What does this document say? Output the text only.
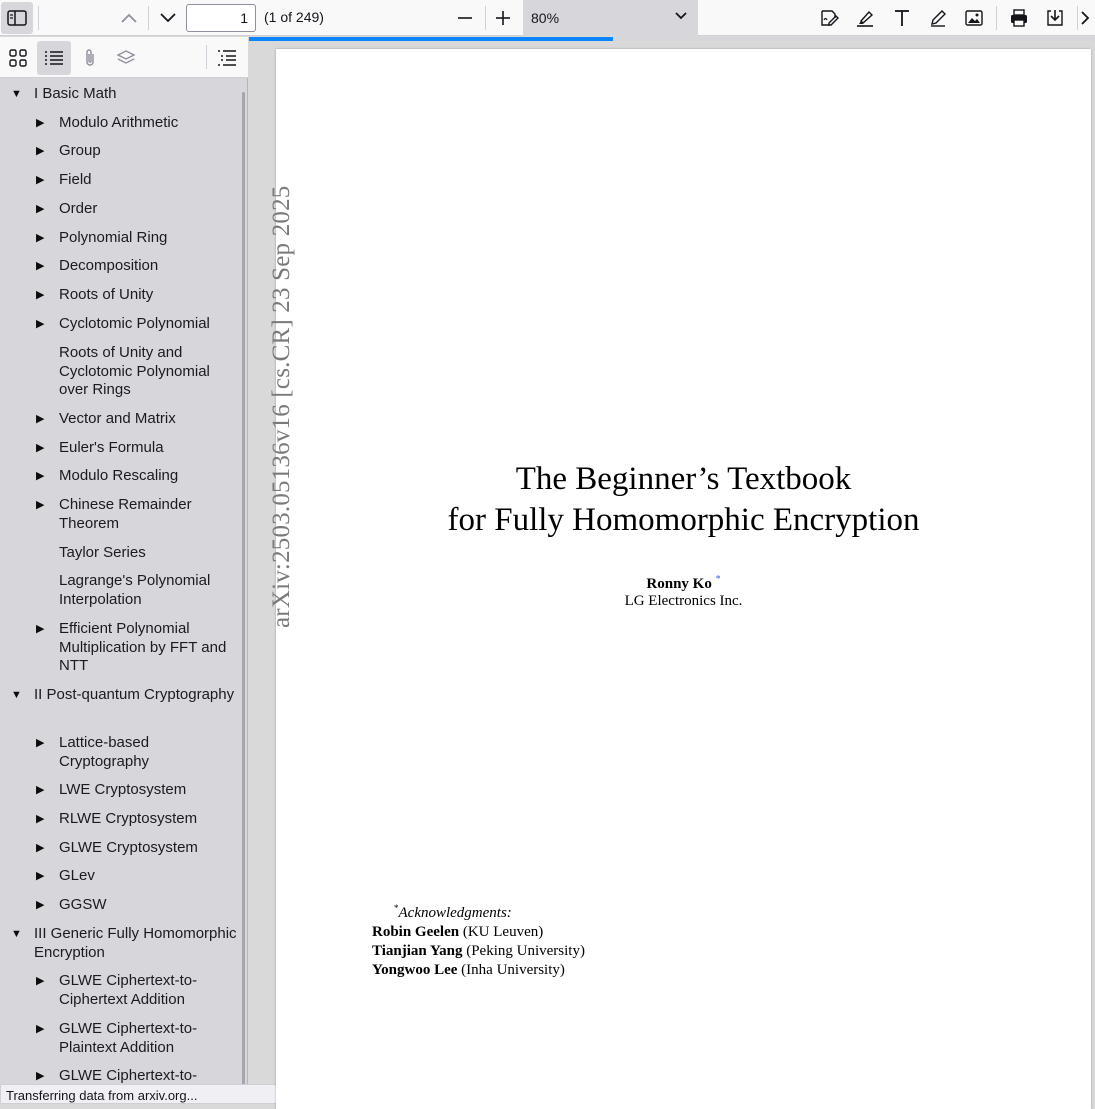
1	(1 of 249)	80%
▼ I Basic Math
▶ Modulo Arithmetic
▶ Group
▶ Field
▶ Order
▶ Polynomial Ring
▶ Decomposition
▶ Roots of Unity
▶ Cyclotomic Polynomial
Roots of Unity and Cyclotomic Polynomial over Rings
▶ Vector and Matrix
▶ Euler's Formula
▶ Modulo Rescaling
▶ Chinese Remainder Theorem
Taylor Series
Lagrange's Polynomial Interpolation
▶ Efficient Polynomial Multiplication by FFT and NTT
▼ II Post-quantum Cryptography
▶ Lattice-based Cryptography
▶ LWE Cryptosystem
▶ RLWE Cryptosystem
▶ GLWE Cryptosystem
▶ GLev
▶ GGSW
▼ III Generic Fully Homomorphic Encryption
▶ GLWE Ciphertext-to-Ciphertext Addition
▶ GLWE Ciphertext-to-Plaintext Addition
▶ GLWE Ciphertext-to-
Transferring data from arxiv.org...
arXiv:2503.05136v16 [cs.CR] 23 Sep 2025	The Beginner’s Textbook
for Fully Homomorphic Encryption
Ronny Ko *
LG Electronics Inc.
*Acknowledgments:
Robin Geelen (KU Leuven)
Tianjian Yang (Peking University)
Yongwoo Lee (Inha University)
